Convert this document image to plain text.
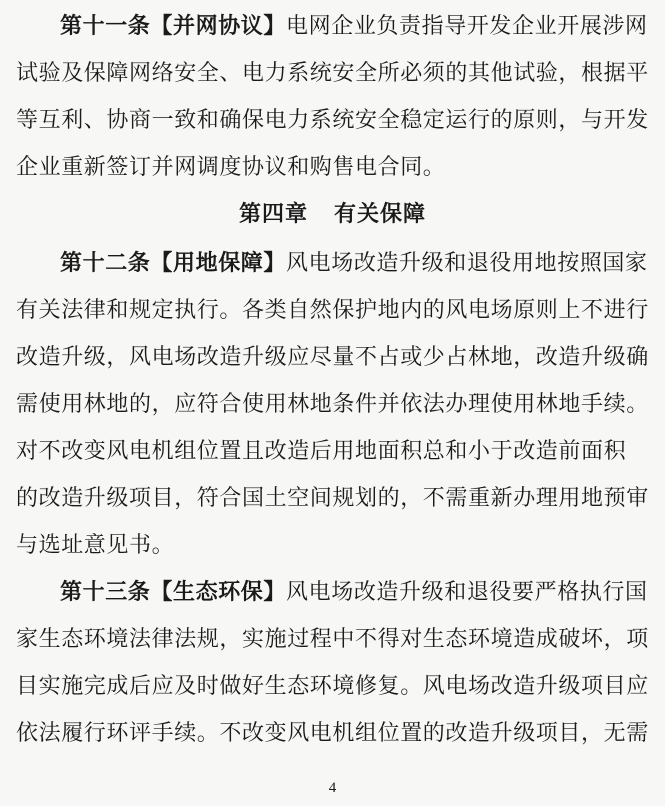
第十一条【并网协议】电网企业负责指导开发企业开展涉网
试验及保障网络安全、电力系统安全所必须的其他试验，根据平
等互利、协商一致和确保电力系统安全稳定运行的原则，与开发
企业重新签订并网调度协议和购售电合同。
第四章 有关保障
第十二条【用地保障】风电场改造升级和退役用地按照国家
有关法律和规定执行。各类自然保护地内的风电场原则上不进行
改造升级，风电场改造升级应尽量不占或少占林地，改造升级确
需使用林地的，应符合使用林地条件并依法办理使用林地手续。
对不改变风电机组位置且改造后用地面积总和小于改造前面积
的改造升级项目，符合国土空间规划的，不需重新办理用地预审
与选址意见书。
第十三条【生态环保】风电场改造升级和退役要严格执行国
家生态环境法律法规，实施过程中不得对生态环境造成破坏，项
目实施完成后应及时做好生态环境修复。风电场改造升级项目应
依法履行环评手续。不改变风电机组位置的改造升级项目，无需
4
